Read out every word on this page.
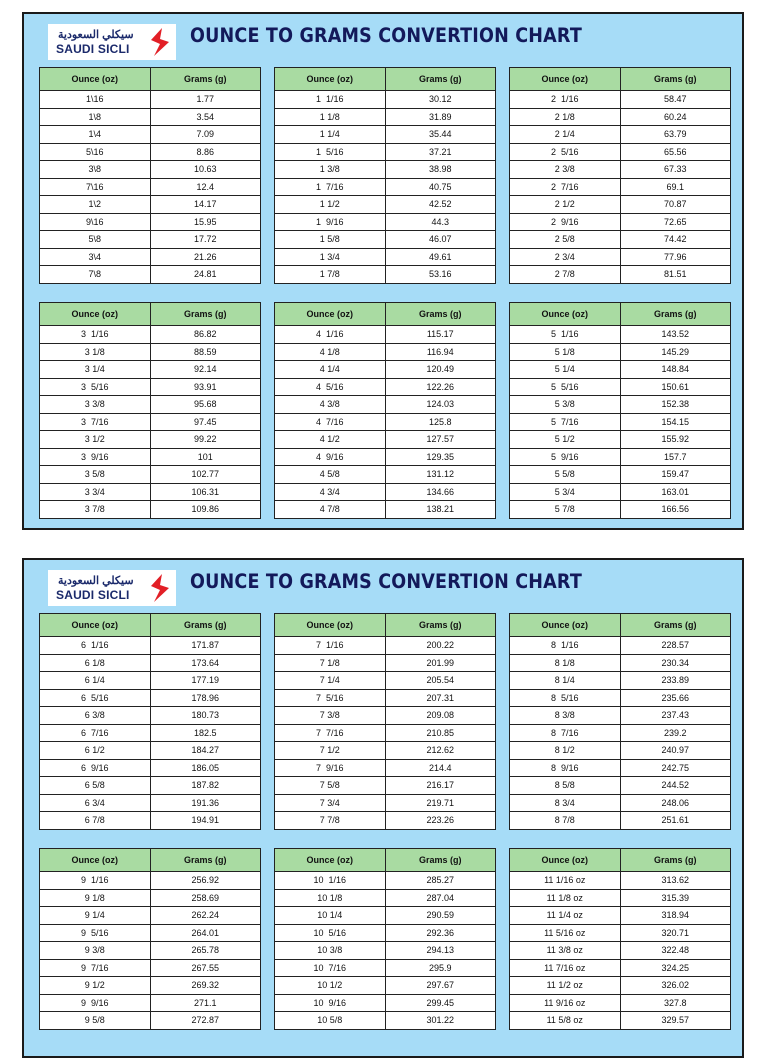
سيكلي السعودية
SAUDI SICLI
OUNCE TO GRAMS CONVERTION CHART
Ounce (oz)	Grams (g)
1\16	1.77
1\8	3.54
1\4	7.09
5\16	8.86
3\8	10.63
7\16	12.4
1\2	14.17
9\16	15.95
5\8	17.72
3\4	21.26
7\8	24.81
Ounce (oz)	Grams (g)
1  1/16	30.12
1 1/8	31.89
1 1/4	35.44
1  5/16	37.21
1 3/8	38.98
1  7/16	40.75
1 1/2	42.52
1  9/16	44.3
1 5/8	46.07
1 3/4	49.61
1 7/8	53.16
Ounce (oz)	Grams (g)
2  1/16	58.47
2 1/8	60.24
2 1/4	63.79
2  5/16	65.56
2 3/8	67.33
2  7/16	69.1
2 1/2	70.87
2  9/16	72.65
2 5/8	74.42
2 3/4	77.96
2 7/8	81.51
Ounce (oz)	Grams (g)
3  1/16	86.82
3 1/8	88.59
3 1/4	92.14
3  5/16	93.91
3 3/8	95.68
3  7/16	97.45
3 1/2	99.22
3  9/16	101
3 5/8	102.77
3 3/4	106.31
3 7/8	109.86
Ounce (oz)	Grams (g)
4  1/16	115.17
4 1/8	116.94
4 1/4	120.49
4  5/16	122.26
4 3/8	124.03
4  7/16	125.8
4 1/2	127.57
4  9/16	129.35
4 5/8	131.12
4 3/4	134.66
4 7/8	138.21
Ounce (oz)	Grams (g)
5  1/16	143.52
5 1/8	145.29
5 1/4	148.84
5  5/16	150.61
5 3/8	152.38
5  7/16	154.15
5 1/2	155.92
5  9/16	157.7
5 5/8	159.47
5 3/4	163.01
5 7/8	166.56
سيكلي السعودية
SAUDI SICLI
OUNCE TO GRAMS CONVERTION CHART
Ounce (oz)	Grams (g)
6  1/16	171.87
6 1/8	173.64
6 1/4	177.19
6  5/16	178.96
6 3/8	180.73
6  7/16	182.5
6 1/2	184.27
6  9/16	186.05
6 5/8	187.82
6 3/4	191.36
6 7/8	194.91
Ounce (oz)	Grams (g)
7  1/16	200.22
7 1/8	201.99
7 1/4	205.54
7  5/16	207.31
7 3/8	209.08
7  7/16	210.85
7 1/2	212.62
7  9/16	214.4
7 5/8	216.17
7 3/4	219.71
7 7/8	223.26
Ounce (oz)	Grams (g)
8  1/16	228.57
8 1/8	230.34
8 1/4	233.89
8  5/16	235.66
8 3/8	237.43
8  7/16	239.2
8 1/2	240.97
8  9/16	242.75
8 5/8	244.52
8 3/4	248.06
8 7/8	251.61
Ounce (oz)	Grams (g)
9  1/16	256.92
9 1/8	258.69
9 1/4	262.24
9  5/16	264.01
9 3/8	265.78
9  7/16	267.55
9 1/2	269.32
9  9/16	271.1
9 5/8	272.87
Ounce (oz)	Grams (g)
10  1/16	285.27
10 1/8	287.04
10 1/4	290.59
10  5/16	292.36
10 3/8	294.13
10  7/16	295.9
10 1/2	297.67
10  9/16	299.45
10 5/8	301.22
Ounce (oz)	Grams (g)
11 1/16 oz	313.62
11 1/8 oz	315.39
11 1/4 oz	318.94
11 5/16 oz	320.71
11 3/8 oz	322.48
11 7/16 oz	324.25
11 1/2 oz	326.02
11 9/16 oz	327.8
11 5/8 oz	329.57
